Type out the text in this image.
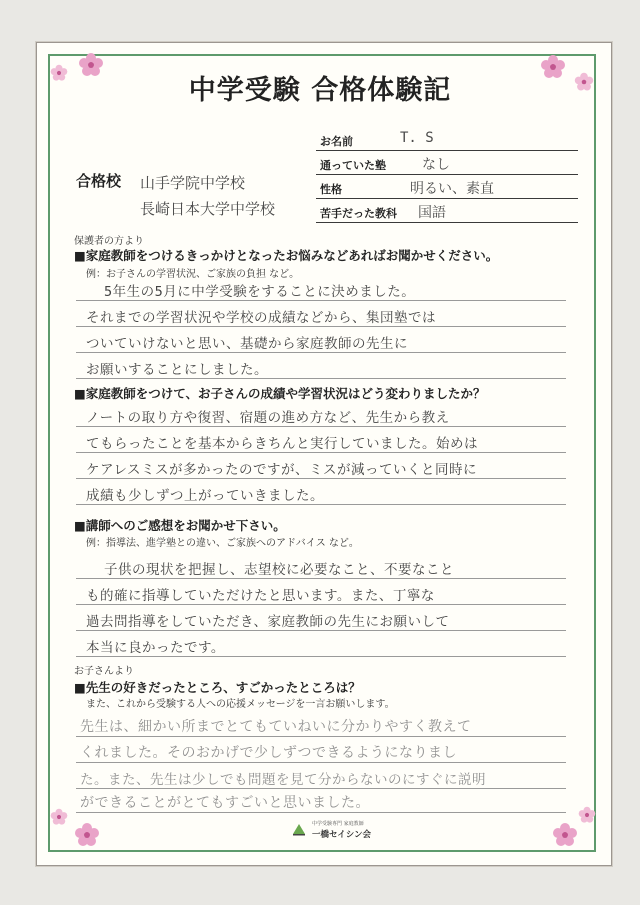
中学受験 合格体験記
お名前	T. S
通っていた塾	なし
性格	明るい、素直
苦手だった教科 国語
合格校 山手学院中学校
長崎日本大学中学校
保護者の方より
■家庭教師をつけるきっかけとなったお悩みなどあればお聞かせください。
例：お子さんの学習状況、ご家族の負担 など。
5年生の5月に中学受験をすることに決めました。
それまでの学習状況や学校の成績などから、集団塾では
ついていけないと思い、基礎から家庭教師の先生に
お願いすることにしました。
■家庭教師をつけて、お子さんの成績や学習状況はどう変わりましたか？
ノートの取り方や復習、宿題の進め方など、先生から教え
てもらったことを基本からきちんと実行していました。始めは
ケアレスミスが多かったのですが、ミスが減っていくと同時に
成績も少しずつ上がっていきました。
■講師へのご感想をお聞かせ下さい。
例：指導法、進学塾との違い、ご家族へのアドバイス など。
子供の現状を把握し、志望校に必要なこと、不要なこと
も的確に指導していただけたと思います。また、丁寧な
過去問指導をしていただき、家庭教師の先生にお願いして
本当に良かったです。
お子さんより
■先生の好きだったところ、すごかったところは？
また、これから受験する人への応援メッセージを一言お願いします。
先生は、細かい所までとてもていねいに分かりやすく教えて
くれました。そのおかげで少しずつできるようになりまし
た。また、先生は少しでも問題を見て分からないのにすぐに説明
ができることがとてもすごいと思いました。
中学受験専門 家庭教師
一橋セイシン会
